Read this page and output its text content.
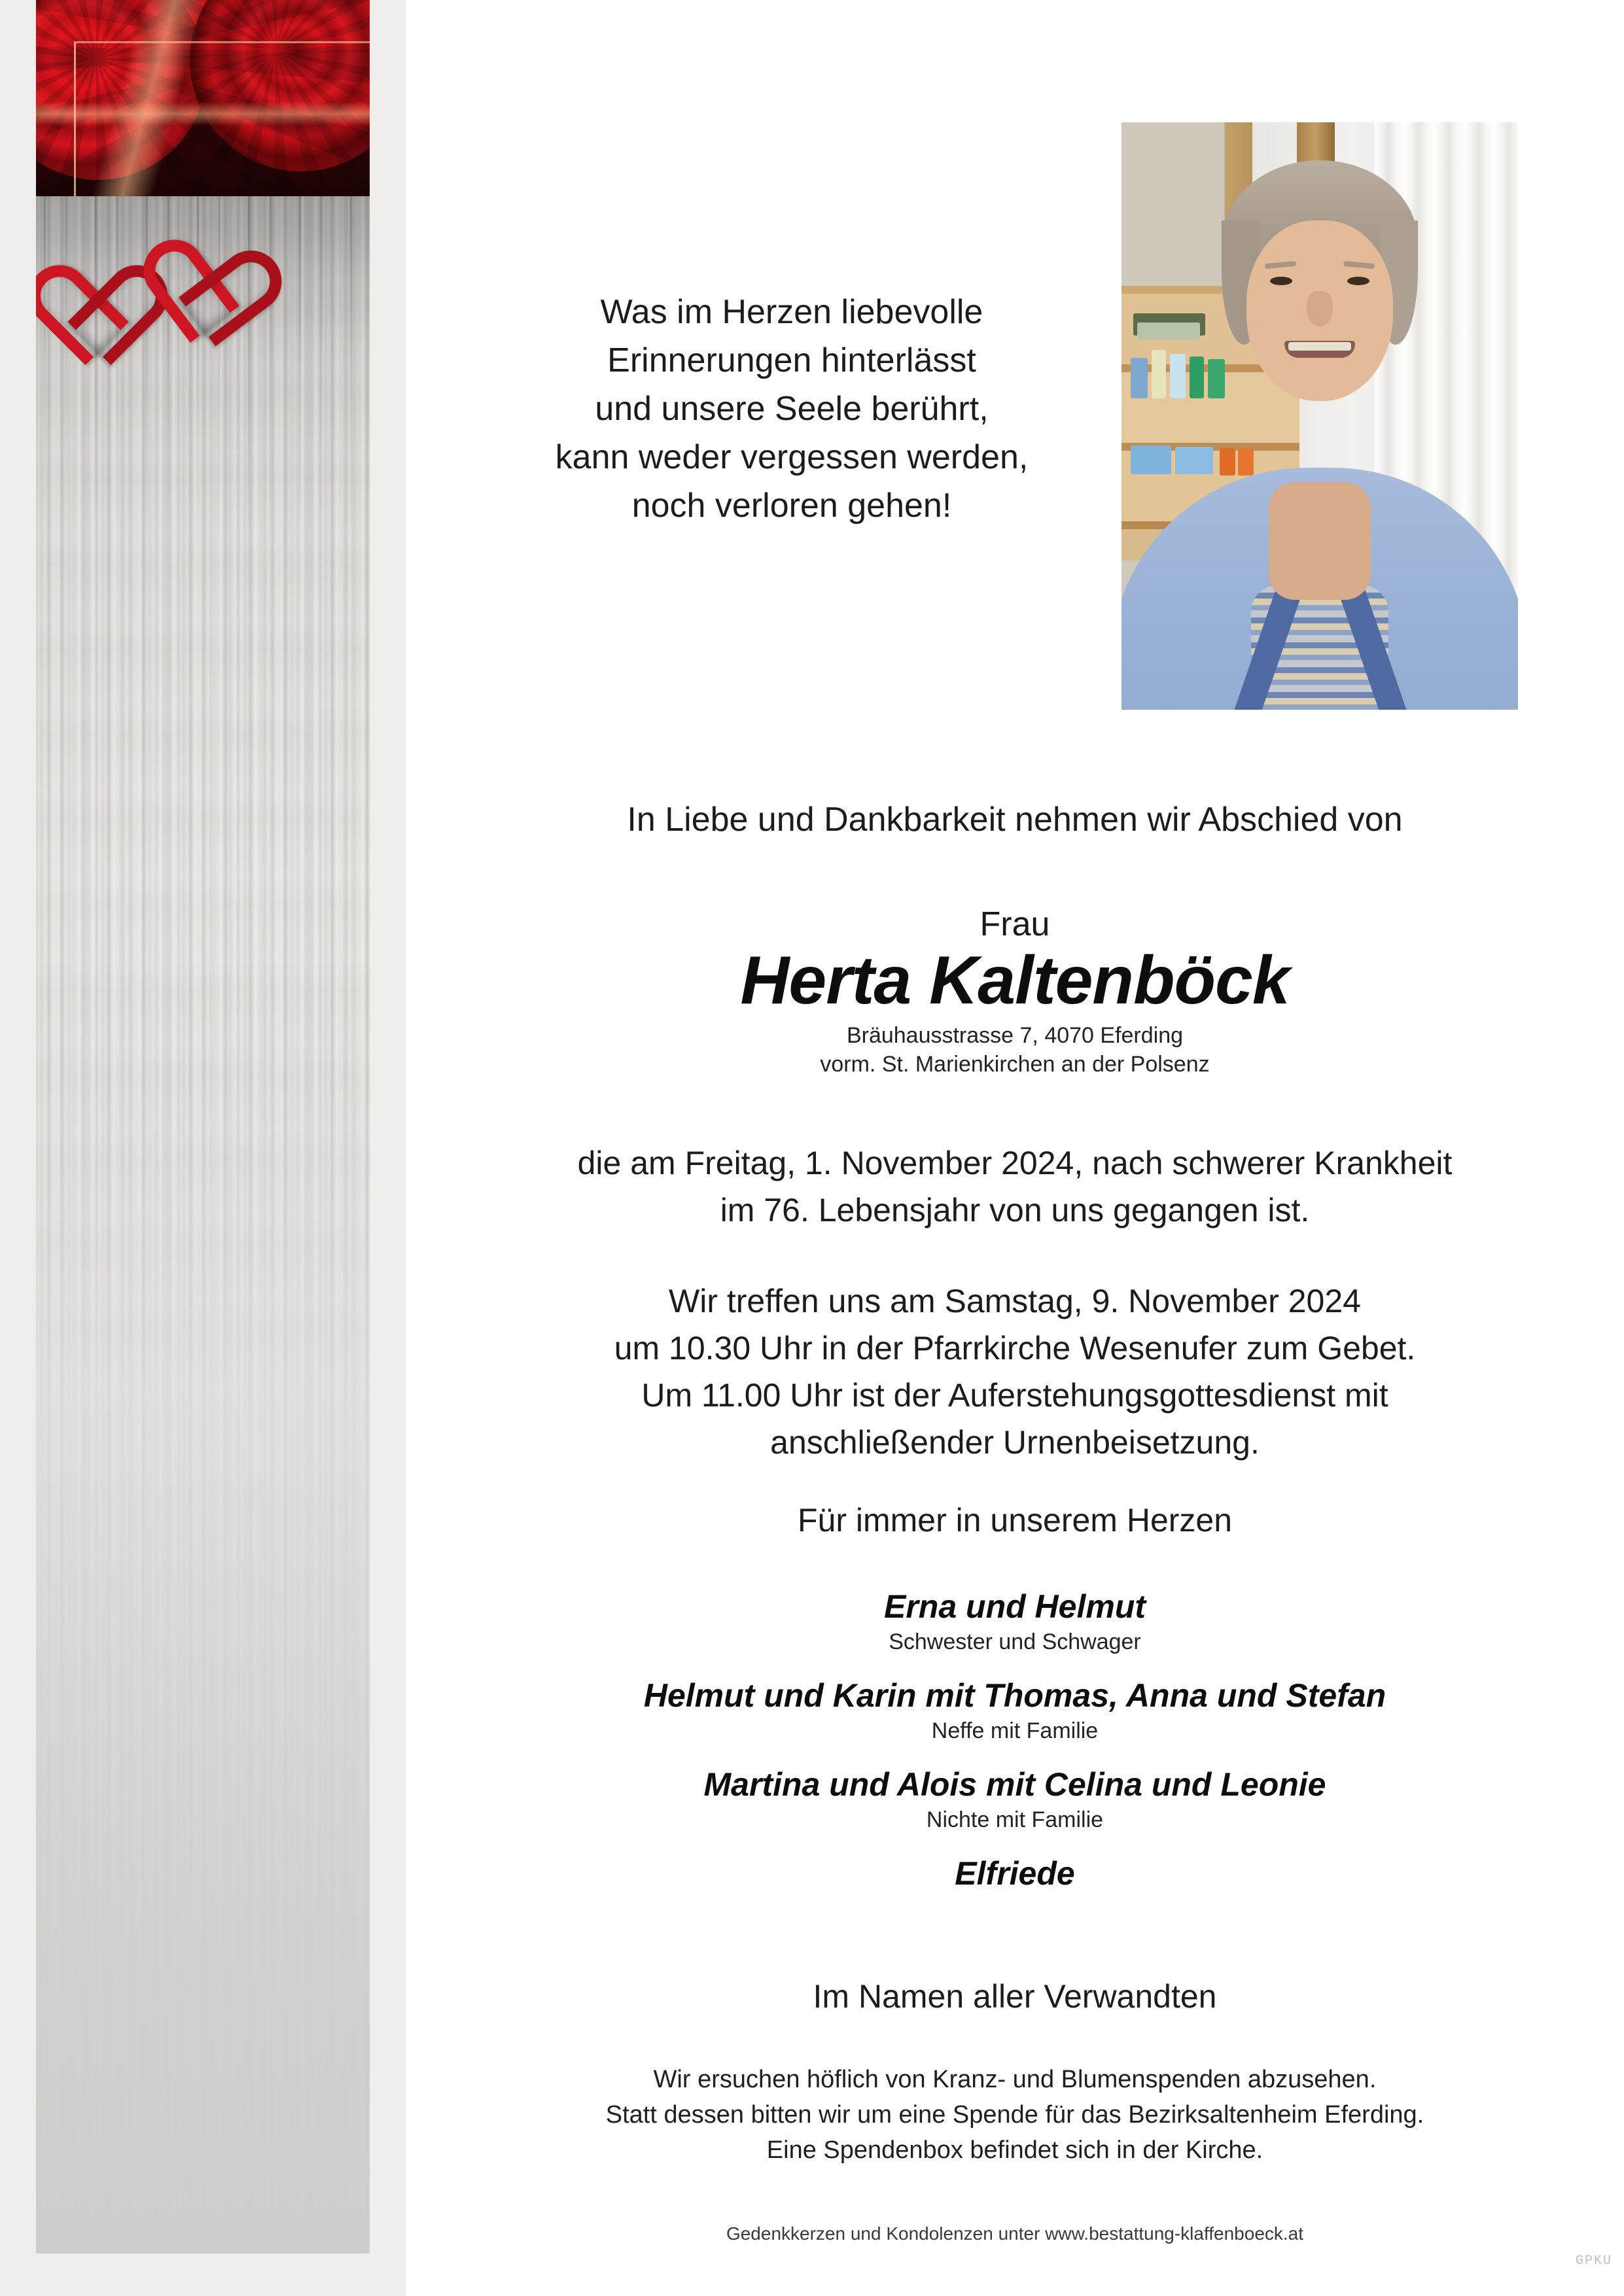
Was im Herzen liebevolle
Erinnerungen hinterlässt
und unsere Seele berührt,
kann weder vergessen werden,
noch verloren gehen!
In Liebe und Dankbarkeit nehmen wir Abschied von
Frau
Herta Kaltenböck
Bräuhausstrasse 7, 4070 Eferding
vorm. St. Marienkirchen an der Polsenz
die am Freitag, 1. November 2024, nach schwerer Krankheit
im 76. Lebensjahr von uns gegangen ist.
Wir treffen uns am Samstag, 9. November 2024
um 10.30 Uhr in der Pfarrkirche Wesenufer zum Gebet.
Um 11.00 Uhr ist der Auferstehungsgottesdienst mit
anschließender Urnenbeisetzung.
Für immer in unserem Herzen
Erna und Helmut
Schwester und Schwager
Helmut und Karin mit Thomas, Anna und Stefan
Neffe mit Familie
Martina und Alois mit Celina und Leonie
Nichte mit Familie
Elfriede
Im Namen aller Verwandten
Wir ersuchen höflich von Kranz- und Blumenspenden abzusehen.
Statt dessen bitten wir um eine Spende für das Bezirksaltenheim Eferding.
Eine Spendenbox befindet sich in der Kirche.
Gedenkkerzen und Kondolenzen unter www.bestattung-klaffenboeck.at
GPKU
